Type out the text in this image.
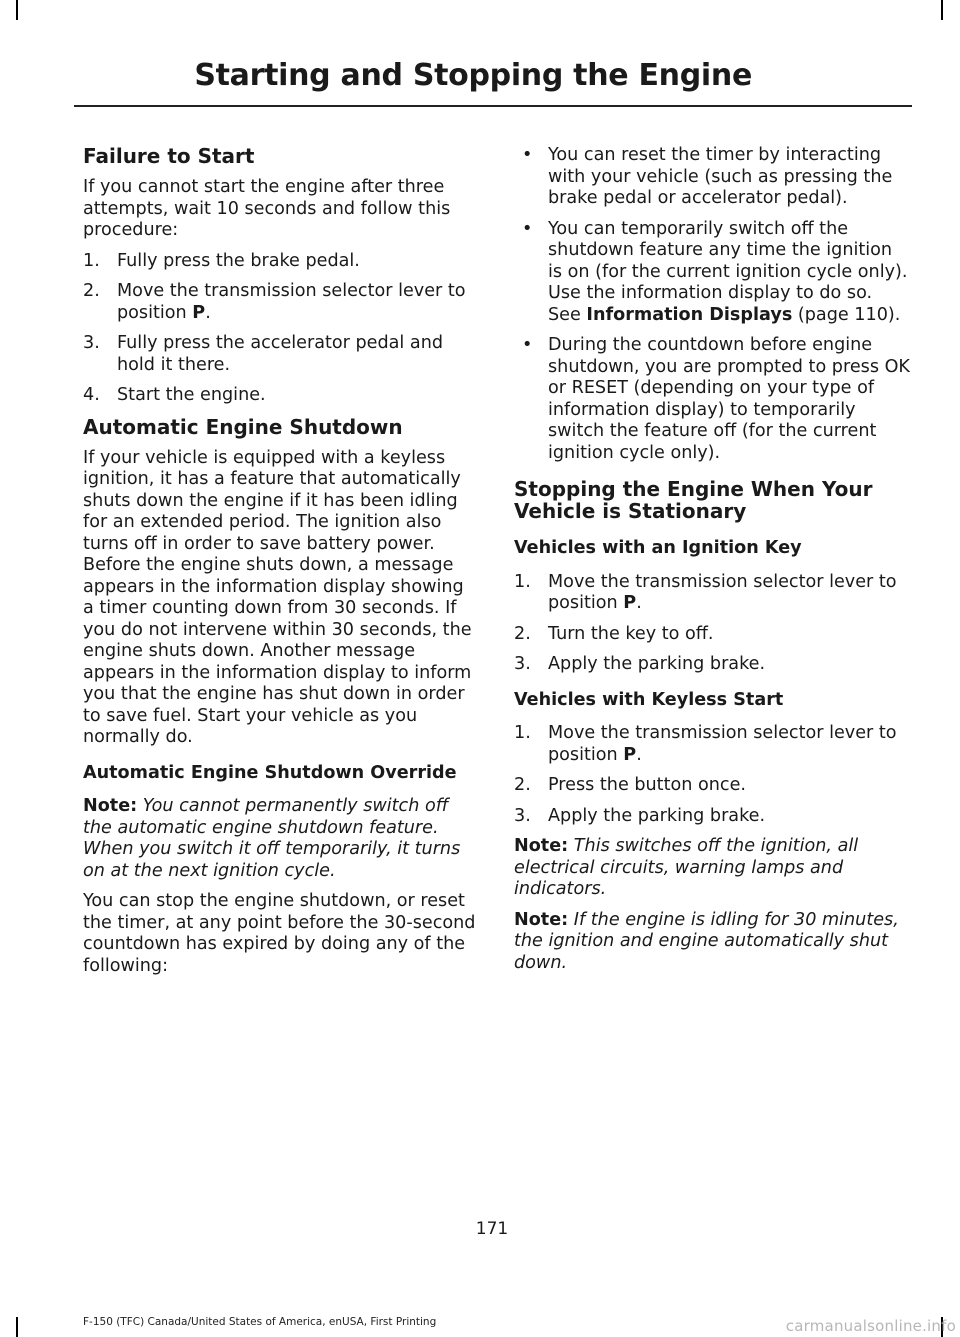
Starting and Stopping the Engine
Failure to Start

If you cannot start the engine after three attempts, wait 10 seconds and follow this procedure:

1. Fully press the brake pedal.
2. Move the transmission selector lever to position P.
3. Fully press the accelerator pedal and hold it there.
4. Start the engine.
Automatic Engine Shutdown

If your vehicle is equipped with a keyless ignition, it has a feature that automatically shuts down the engine if it has been idling for an extended period. The ignition also turns off in order to save battery power. Before the engine shuts down, a message appears in the information display showing a timer counting down from 30 seconds. If you do not intervene within 30 seconds, the engine shuts down. Another message appears in the information display to inform you that the engine has shut down in order to save fuel. Start your vehicle as you normally do.

Automatic Engine Shutdown Override

Note: You cannot permanently switch off the automatic engine shutdown feature. When you switch it off temporarily, it turns on at the next ignition cycle.

You can stop the engine shutdown, or reset the timer, at any point before the 30-second countdown has expired by doing any of the following:

• You can reset the timer by interacting with your vehicle (such as pressing the brake pedal or accelerator pedal).
• You can temporarily switch off the shutdown feature any time the ignition is on (for the current ignition cycle only). Use the information display to do so. See Information Displays (page 110).
• During the countdown before engine shutdown, you are prompted to press OK or RESET (depending on your type of information display) to temporarily switch the feature off (for the current ignition cycle only).
Stopping the Engine When Your Vehicle is Stationary
Vehicles with an Ignition Key
1. Move the transmission selector lever to position P.
2. Turn the key to off.
3. Apply the parking brake.
Vehicles with Keyless Start
1. Move the transmission selector lever to position P.
2. Press the button once.
3. Apply the parking brake.

Note: This switches off the ignition, all electrical circuits, warning lamps and indicators.

Note: If the engine is idling for 30 minutes, the ignition and engine automatically shut down.

171
F-150 (TFC) Canada/United States of America, enUSA, First Printing	carmanualsonline.info
